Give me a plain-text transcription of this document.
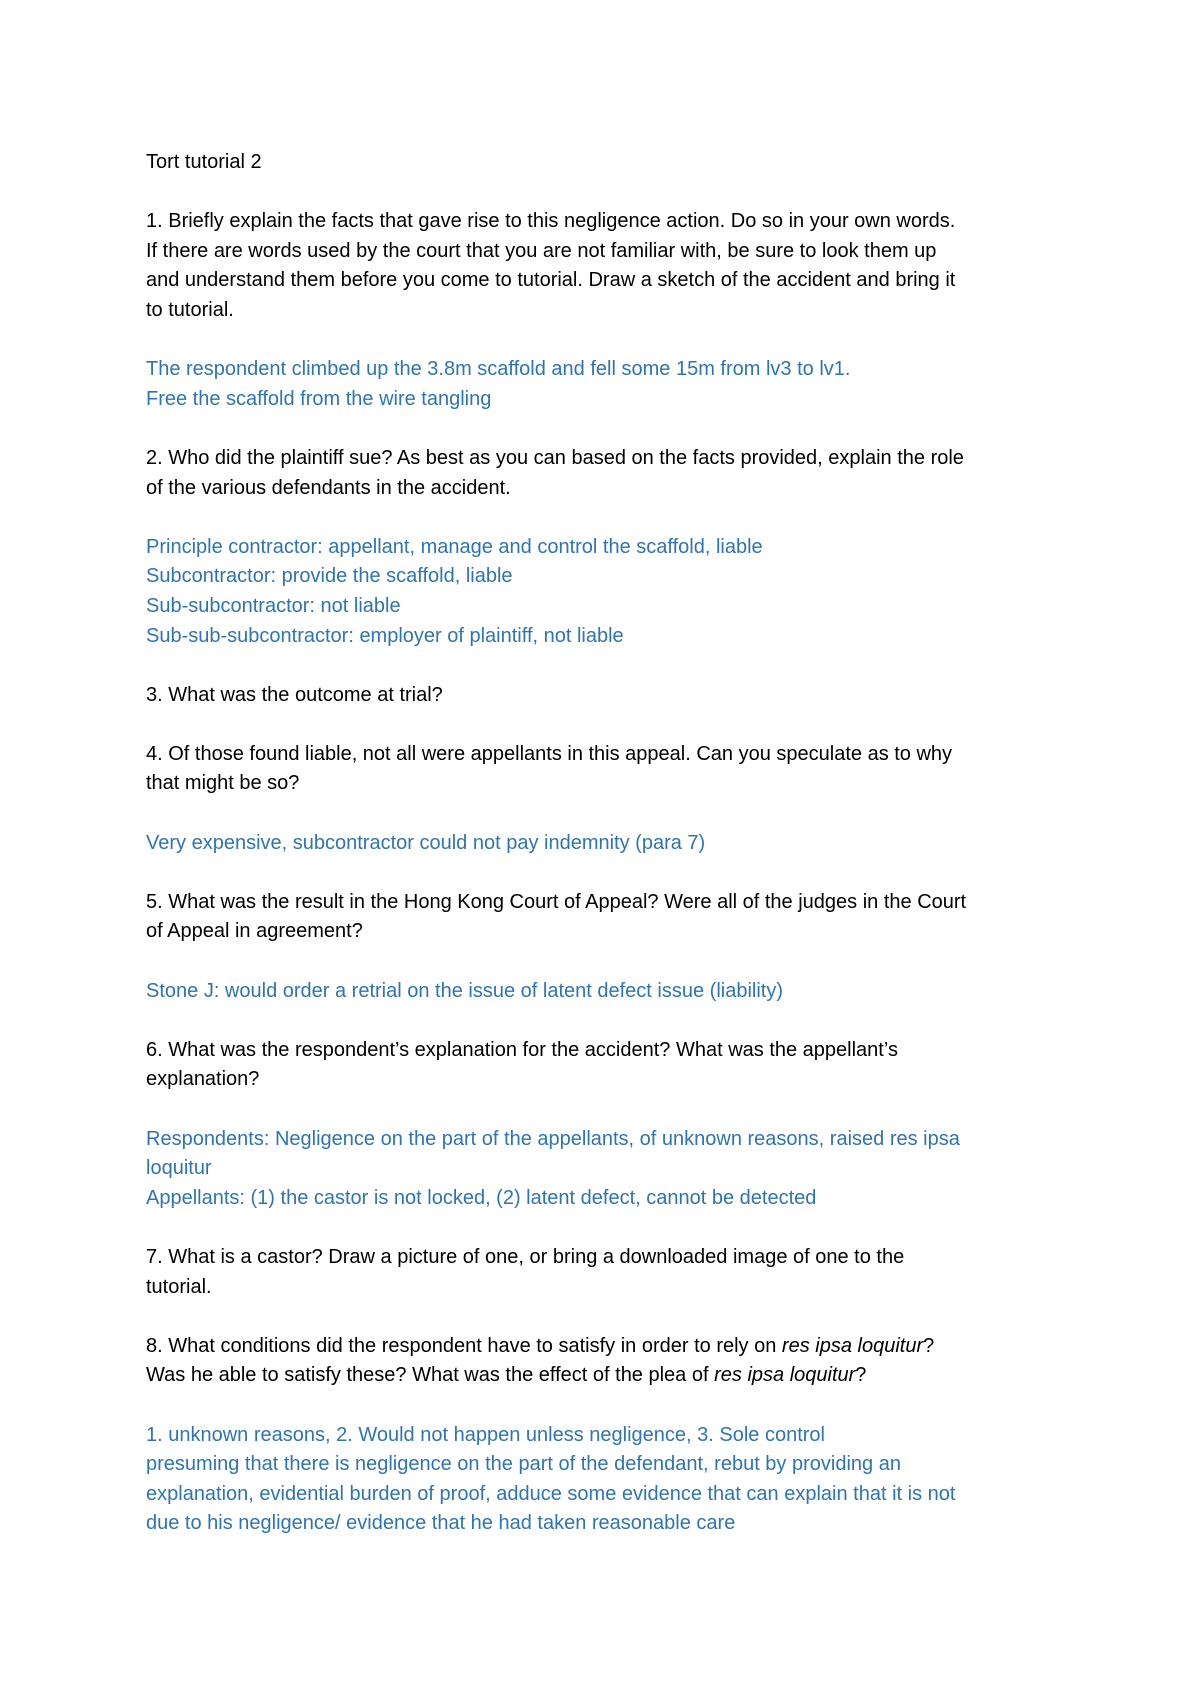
Tort tutorial 2
1. Briefly explain the facts that gave rise to this negligence action. Do so in your own words.
If there are words used by the court that you are not familiar with, be sure to look them up
and understand them before you come to tutorial. Draw a sketch of the accident and bring it
to tutorial.
The respondent climbed up the 3.8m scaffold and fell some 15m from lv3 to lv1.
Free the scaffold from the wire tangling
2. Who did the plaintiff sue? As best as you can based on the facts provided, explain the role
of the various defendants in the accident.
Principle contractor: appellant, manage and control the scaffold, liable
Subcontractor: provide the scaffold, liable
Sub-subcontractor: not liable
Sub-sub-subcontractor: employer of plaintiff, not liable
3. What was the outcome at trial?
4. Of those found liable, not all were appellants in this appeal. Can you speculate as to why
that might be so?
Very expensive, subcontractor could not pay indemnity (para 7)
5. What was the result in the Hong Kong Court of Appeal? Were all of the judges in the Court
of Appeal in agreement?
Stone J: would order a retrial on the issue of latent defect issue (liability)
6. What was the respondent’s explanation for the accident? What was the appellant’s
explanation?
Respondents: Negligence on the part of the appellants, of unknown reasons, raised res ipsa
loquitur
Appellants: (1) the castor is not locked, (2) latent defect, cannot be detected
7. What is a castor? Draw a picture of one, or bring a downloaded image of one to the
tutorial.
8. What conditions did the respondent have to satisfy in order to rely on res ipsa loquitur?
Was he able to satisfy these? What was the effect of the plea of res ipsa loquitur?
1. unknown reasons, 2. Would not happen unless negligence, 3. Sole control
presuming that there is negligence on the part of the defendant, rebut by providing an
explanation, evidential burden of proof, adduce some evidence that can explain that it is not
due to his negligence/ evidence that he had taken reasonable care
